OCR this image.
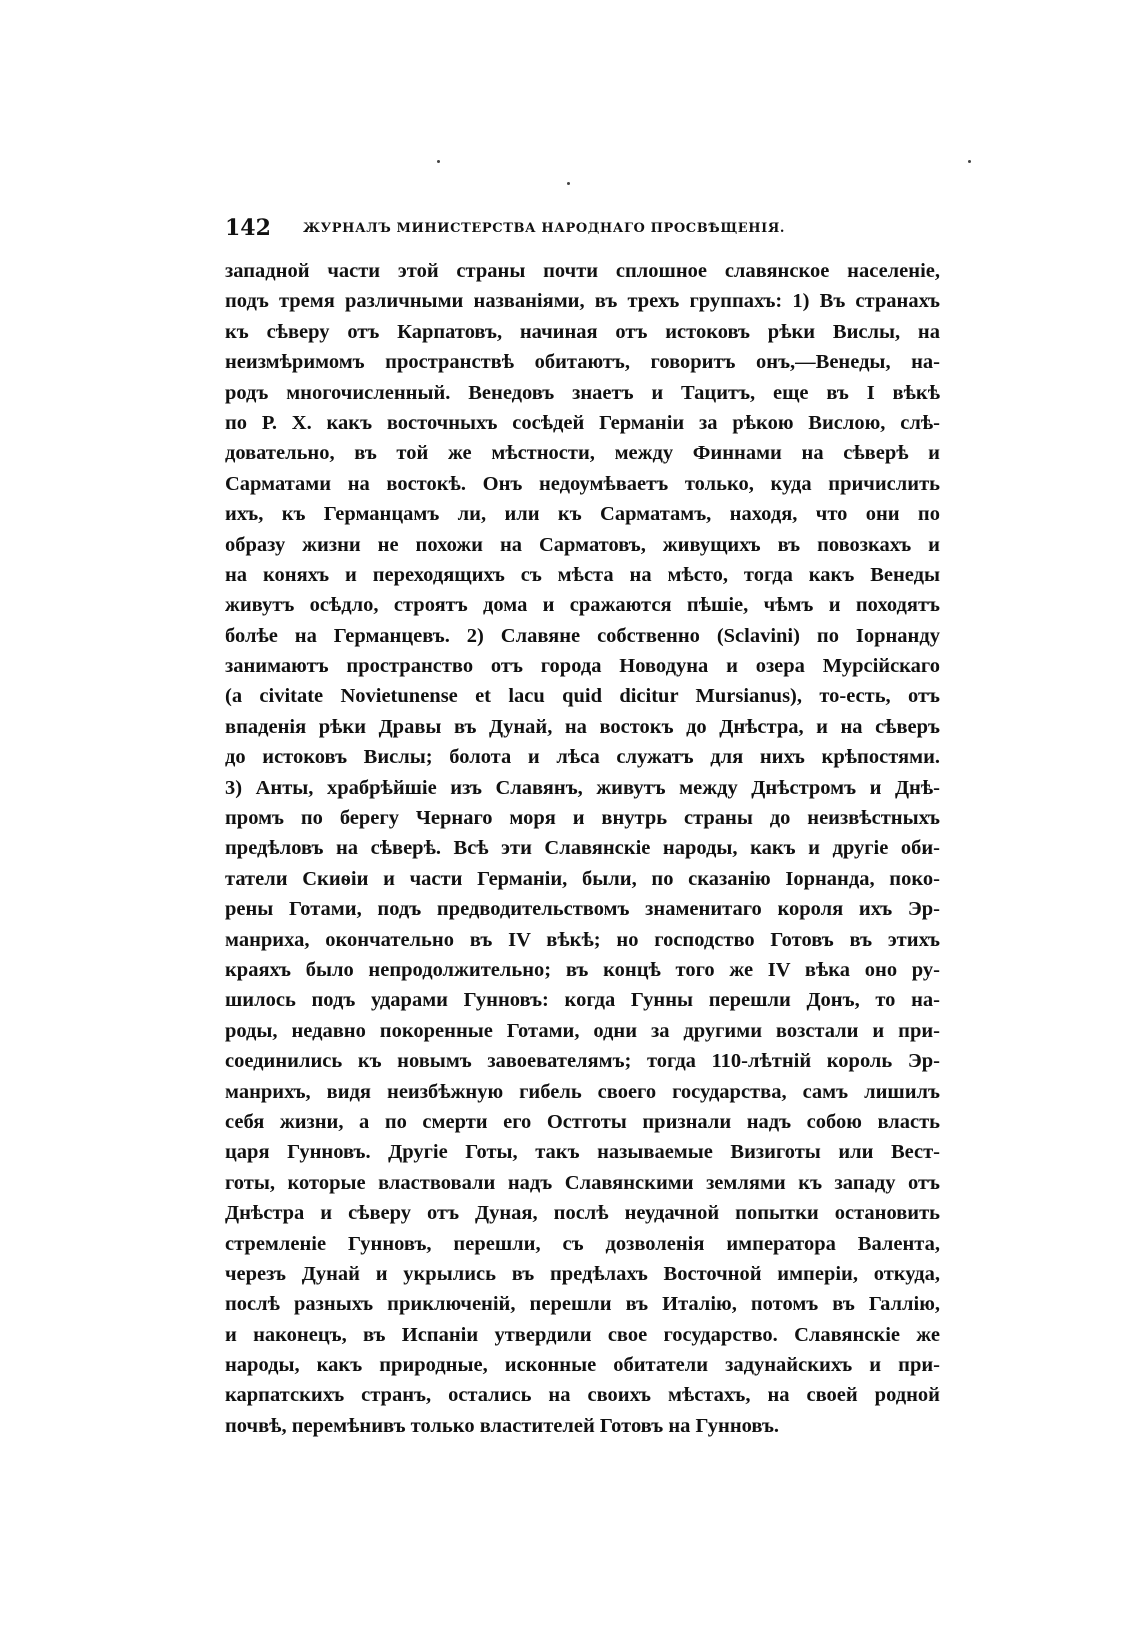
142 ЖУРНАЛЪ МИНИСТЕРСТВА НАРОДНАГО ПРОСВѢЩЕНІЯ.
западной части этой страны почти сплошное славянское населеніе,
подъ тремя различными названіями, въ трехъ группахъ: 1) Въ странахъ
къ сѣверу отъ Карпатовъ, начиная отъ истоковъ рѣки Вислы, на
неизмѣримомъ пространствѣ обитаютъ, говоритъ онъ,—Венеды, на-
родъ многочисленный. Венедовъ знаетъ и Тацитъ, еще въ I вѣкѣ
по Р. Х. какъ восточныхъ сосѣдей Германіи за рѣкою Вислою, слѣ-
довательно, въ той же мѣстности, между Финнами на сѣверѣ и
Сарматами на востокѣ. Онъ недоумѣваетъ только, куда причислить
ихъ, къ Германцамъ ли, или къ Сарматамъ, находя, что они по
образу жизни не похожи на Сарматовъ, живущихъ въ повозкахъ и
на коняхъ и переходящихъ съ мѣста на мѣсто, тогда какъ Венеды
живутъ осѣдло, строятъ дома и сражаются пѣшіе, чѣмъ и походятъ
болѣе на Германцевъ. 2) Славяне собственно (Sclavini) по Іорнанду
занимаютъ пространство отъ города Новодуна и озера Мурсійскаго
(a civitate Novietunense et lacu quid dicitur Mursianus), то-есть, отъ
впаденія рѣки Дравы въ Дунай, на востокъ до Днѣстра, и на сѣверъ
до истоковъ Вислы; болота и лѣса служатъ для нихъ крѣпостями.
3) Анты, храбрѣйшіе изъ Славянъ, живутъ между Днѣстромъ и Днѣ-
промъ по берегу Чернаго моря и внутрь страны до неизвѣстныхъ
предѣловъ на сѣверѣ. Всѣ эти Славянскіе народы, какъ и другіе оби-
татели Скиѳіи и части Германіи, были, по сказанію Іорнанда, поко-
рены Готами, подъ предводительствомъ знаменитаго короля ихъ Эр-
манриха, окончательно въ IV вѣкѣ; но господство Готовъ въ этихъ
краяхъ было непродолжительно; въ концѣ того же IV вѣка оно ру-
шилось подъ ударами Гунновъ: когда Гунны перешли Донъ, то на-
роды, недавно покоренные Готами, одни за другими возстали и при-
соединились къ новымъ завоевателямъ; тогда 110-лѣтній король Эр-
манрихъ, видя неизбѣжную гибель своего государства, самъ лишилъ
себя жизни, а по смерти его Остготы признали надъ собою власть
царя Гунновъ. Другіе Готы, такъ называемые Визиготы или Вест-
готы, которые властвовали надъ Славянскими землями къ западу отъ
Днѣстра и сѣверу отъ Дуная, послѣ неудачной попытки остановить
стремленіе Гунновъ, перешли, съ дозволенія императора Валента,
черезъ Дунай и укрылись въ предѣлахъ Восточной имперіи, откуда,
послѣ разныхъ приключеній, перешли въ Италію, потомъ въ Галлію,
и наконецъ, въ Испаніи утвердили свое государство. Славянскіе же
народы, какъ природные, исконные обитатели задунайскихъ и при-
карпатскихъ странъ, остались на своихъ мѣстахъ, на своей родной
почвѣ, перемѣнивъ только властителей Готовъ на Гунновъ.
